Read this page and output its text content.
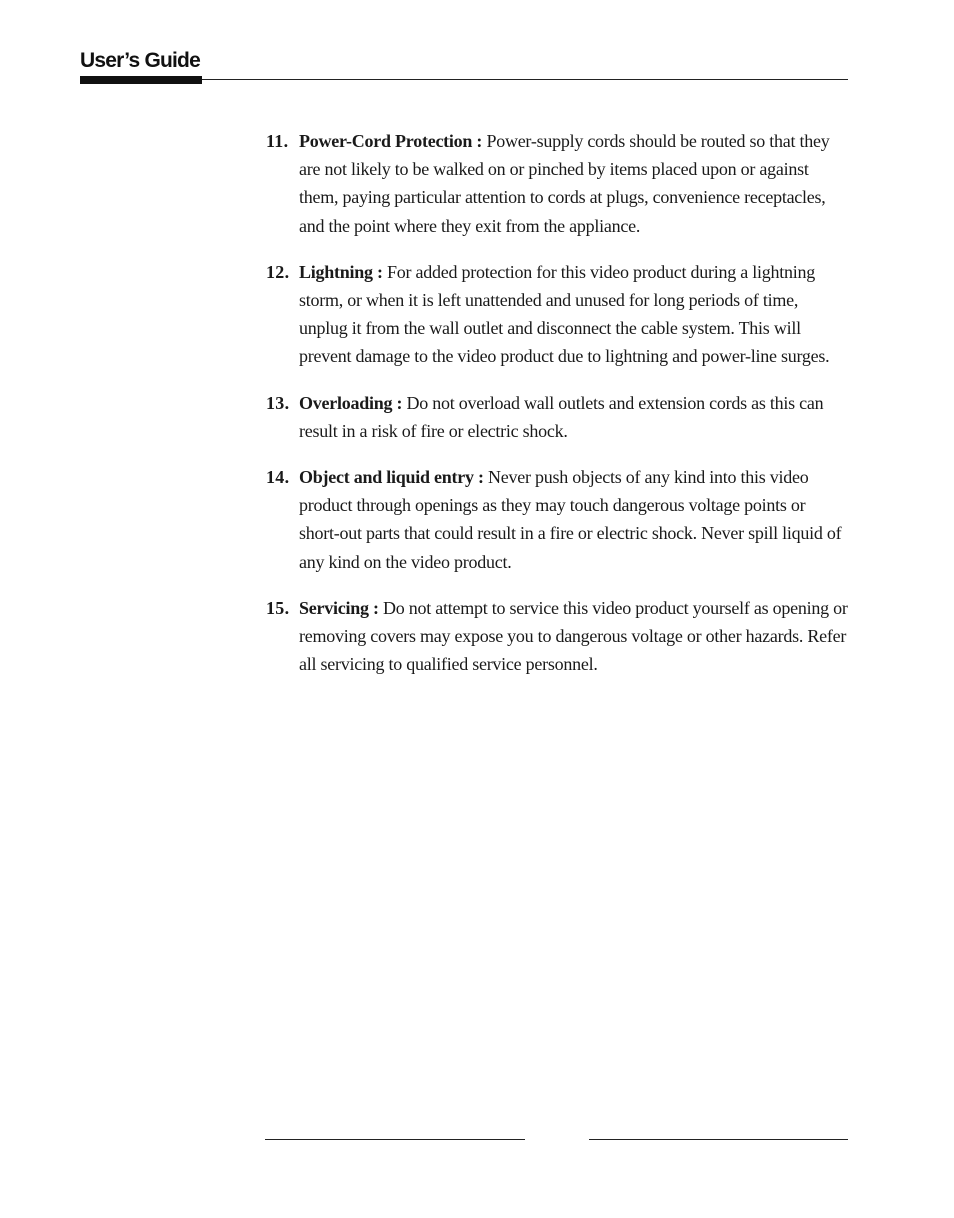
User’s Guide
11. Power-Cord Protection : Power-supply cords should be routed so that they are not likely to be walked on or pinched by items placed upon or against them, paying particular attention to cords at plugs, convenience receptacles, and the point where they exit from the appliance.
12. Lightning : For added protection for this video product during a lightning storm, or when it is left unattended and unused for long periods of time, unplug it from the wall outlet and disconnect the cable system. This will prevent damage to the video product due to lightning and power-line surges.
13. Overloading : Do not overload wall outlets and extension cords as this can result in a risk of fire or electric shock.
14. Object and liquid entry : Never push objects of any kind into this video product through openings as they may touch dangerous voltage points or short-out parts that could result in a fire or electric shock. Never spill liquid of any kind on the video product.
15. Servicing : Do not attempt to service this video product yourself as opening or removing covers may expose you to dangerous voltage or other hazards. Refer all servicing to qualified service personnel.
